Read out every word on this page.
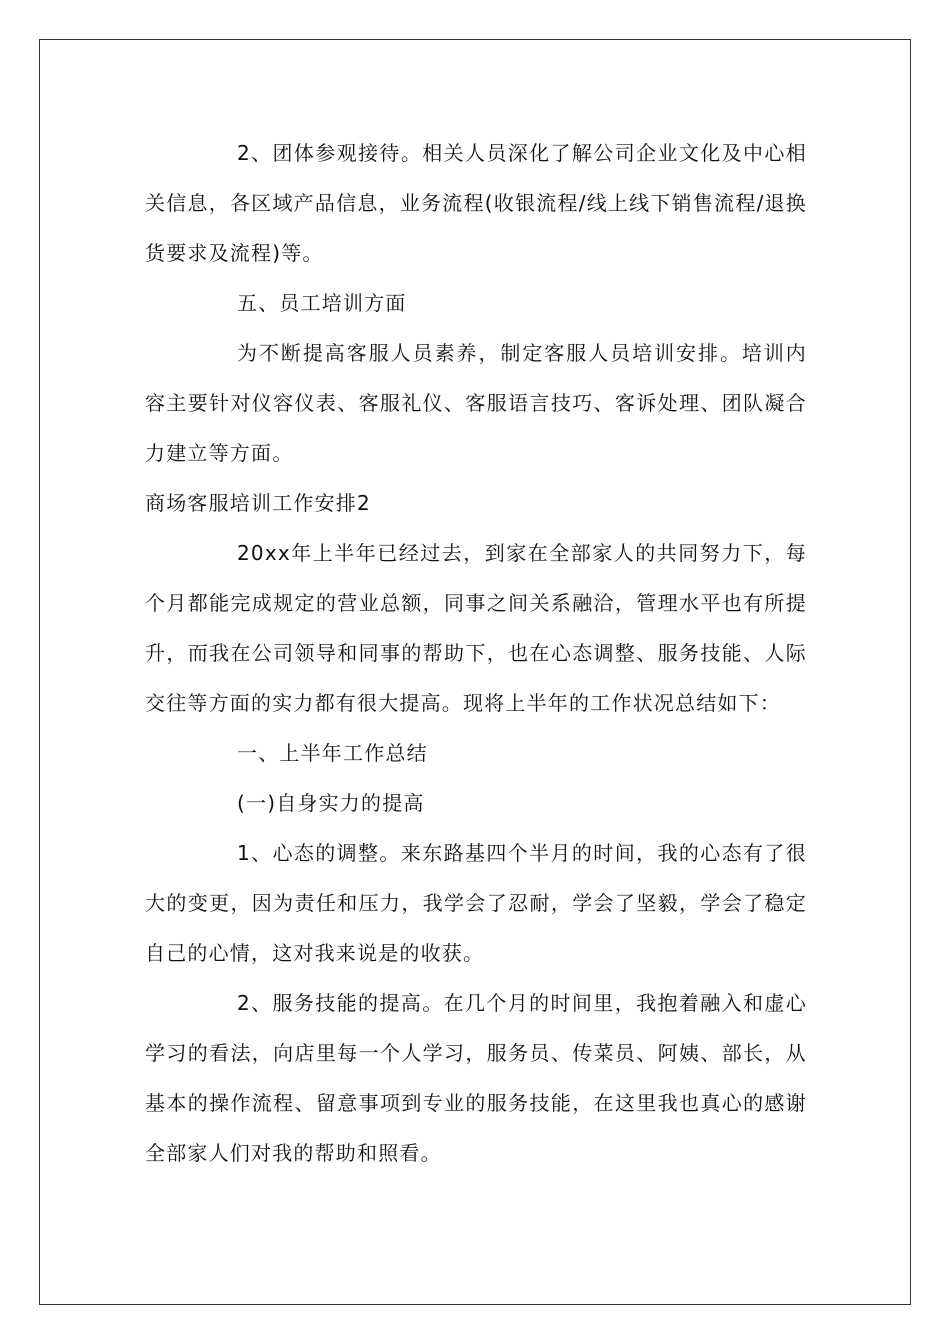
2、团体参观接待。相关人员深化了解公司企业文化及中心相关信息，各区域产品信息，业务流程(收银流程/线上线下销售流程/退换货要求及流程)等。

五、员工培训方面

为不断提高客服人员素养，制定客服人员培训安排。培训内容主要针对仪容仪表、客服礼仪、客服语言技巧、客诉处理、团队凝合力建立等方面。

商场客服培训工作安排2

20xx年上半年已经过去，到家在全部家人的共同努力下，每个月都能完成规定的营业总额，同事之间关系融洽，管理水平也有所提升，而我在公司领导和同事的帮助下，也在心态调整、服务技能、人际交往等方面的实力都有很大提高。现将上半年的工作状况总结如下：

一、上半年工作总结

(一)自身实力的提高

1、心态的调整。来东路基四个半月的时间，我的心态有了很大的变更，因为责任和压力，我学会了忍耐，学会了坚毅，学会了稳定自己的心情，这对我来说是的收获。

2、服务技能的提高。在几个月的时间里，我抱着融入和虚心学习的看法，向店里每一个人学习，服务员、传菜员、阿姨、部长，从基本的操作流程、留意事项到专业的服务技能，在这里我也真心的感谢全部家人们对我的帮助和照看。
